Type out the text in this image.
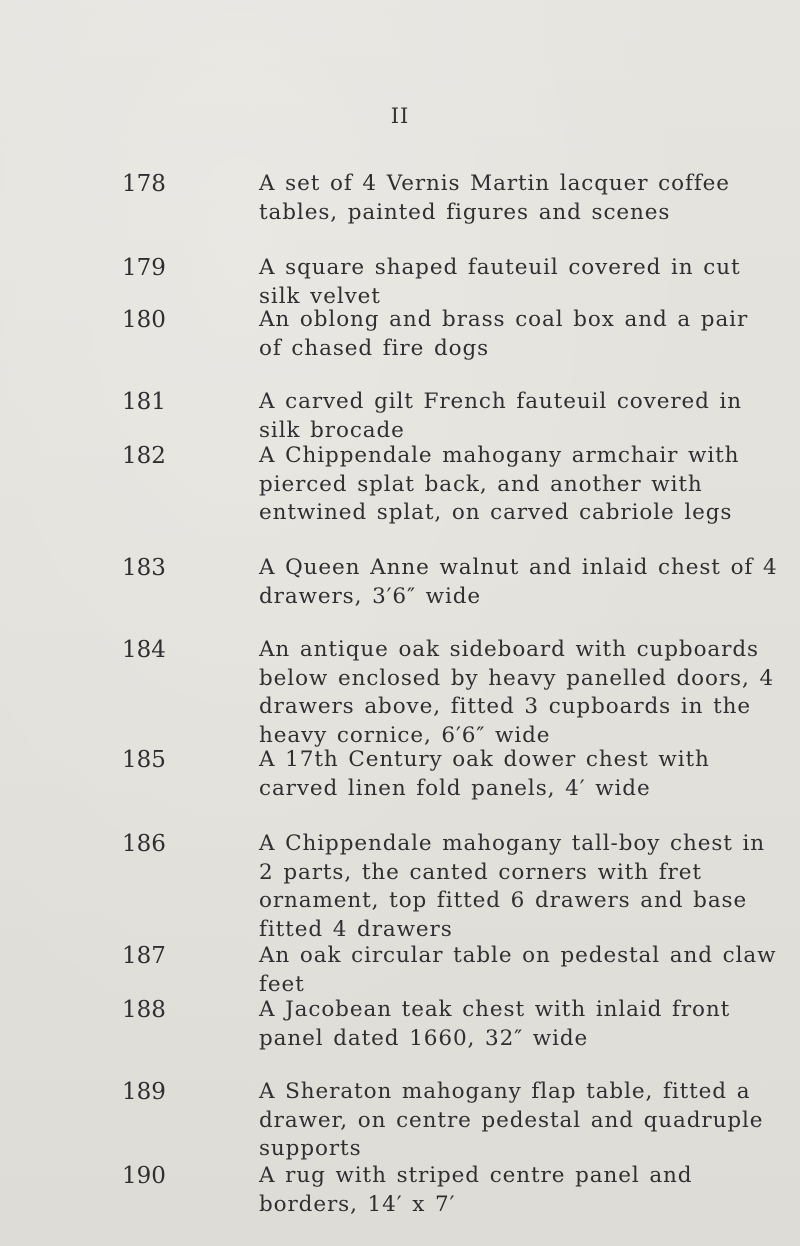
II
178	A set of 4 Vernis Martin lacquer coffee tables, painted figures and scenes
179	A square shaped fauteuil covered in cut silk velvet
180	An oblong and brass coal box and a pair of chased fire dogs
181	A carved gilt French fauteuil covered in silk brocade
182	A Chippendale mahogany armchair with pierced splat back, and another with entwined splat, on carved cabriole legs
183	A Queen Anne walnut and inlaid chest of 4 drawers, 3′6″ wide
184	An antique oak sideboard with cupboards below enclosed by heavy panelled doors, 4 drawers above, fitted 3 cupboards in the heavy cornice, 6′6″ wide
185	A 17th Century oak dower chest with carved linen fold panels, 4′ wide
186	A Chippendale mahogany tall-boy chest in 2 parts, the canted corners with fret ornament, top fitted 6 drawers and base fitted 4 drawers
187	An oak circular table on pedestal and claw feet
188	A Jacobean teak chest with inlaid front panel dated 1660, 32″ wide
189	A Sheraton mahogany flap table, fitted a drawer, on centre pedestal and quadruple supports
190	A rug with striped centre panel and borders, 14′ x 7′
